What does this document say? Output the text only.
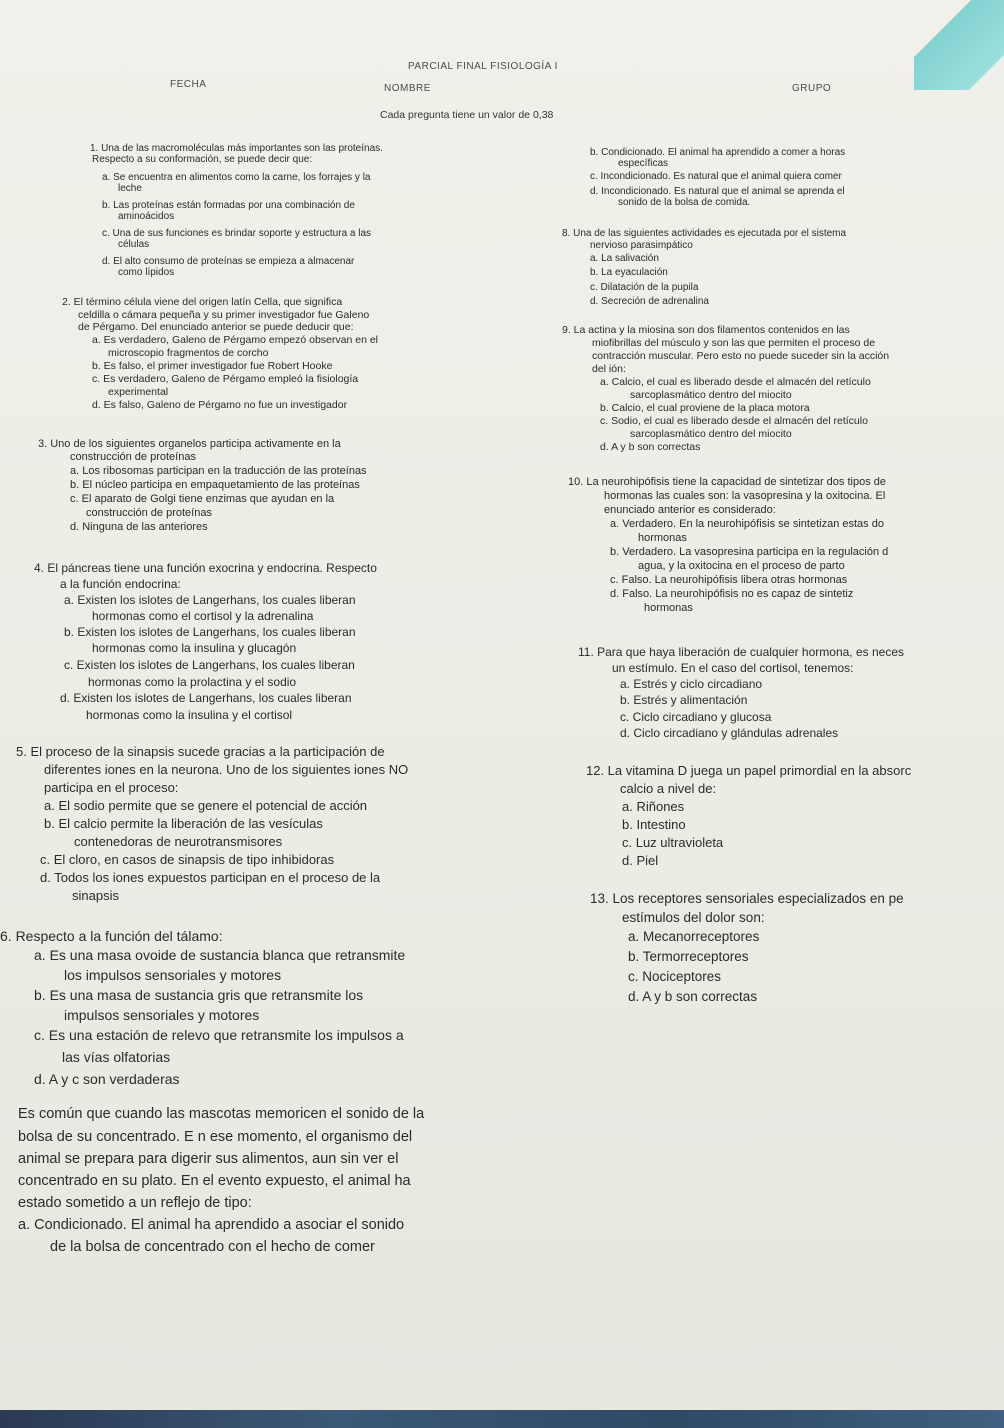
PARCIAL FINAL FISIOLOGÍA I
FECHA	NOMBRE	GRUPO
Cada pregunta tiene un valor de 0,38
1. Una de las macromoléculas más importantes son las proteínas.
Respecto a su conformación, se puede decir que:
a. Se encuentra en alimentos como la carne, los forrajes y la
leche
b. Las proteínas están formadas por una combinación de
aminoácidos
c. Una de sus funciones es brindar soporte y estructura a las
células
d. El alto consumo de proteínas se empieza a almacenar
como lípidos
2. El término célula viene del origen latín Cella, que significa
celdilla o cámara pequeña y su primer investigador fue Galeno
de Pérgamo. Del enunciado anterior se puede deducir que:
a. Es verdadero, Galeno de Pérgamo empezó observan en el
microscopio fragmentos de corcho
b. Es falso, el primer investigador fue Robert Hooke
c. Es verdadero, Galeno de Pérgamo empleó la fisiología
experimental
d. Es falso, Galeno de Pérgamo no fue un investigador
3. Uno de los siguientes organelos participa activamente en la
construcción de proteínas
a. Los ribosomas participan en la traducción de las proteínas
b. El núcleo participa en empaquetamiento de las proteínas
c. El aparato de Golgi tiene enzimas que ayudan en la
construcción de proteínas
d. Ninguna de las anteriores
4. El páncreas tiene una función exocrina y endocrina. Respecto
a la función endocrina:
a. Existen los islotes de Langerhans, los cuales liberan
hormonas como el cortisol y la adrenalina
b. Existen los islotes de Langerhans, los cuales liberan
hormonas como la insulina y glucagón
c. Existen los islotes de Langerhans, los cuales liberan
hormonas como la prolactina y el sodio
d. Existen los islotes de Langerhans, los cuales liberan
hormonas como la insulina y el cortisol
5. El proceso de la sinapsis sucede gracias a la participación de
diferentes iones en la neurona. Uno de los siguientes iones NO
participa en el proceso:
a. El sodio permite que se genere el potencial de acción
b. El calcio permite la liberación de las vesículas
contenedoras de neurotransmisores
c. El cloro, en casos de sinapsis de tipo inhibidoras
d. Todos los iones expuestos participan en el proceso de la
sinapsis
6. Respecto a la función del tálamo:
a. Es una masa ovoide de sustancia blanca que retransmite
los impulsos sensoriales y motores
b. Es una masa de sustancia gris que retransmite los
impulsos sensoriales y motores
c. Es una estación de relevo que retransmite los impulsos a
las vías olfatorias
d. A y c son verdaderas
Es común que cuando las mascotas memoricen el sonido de la
bolsa de su concentrado. E n ese momento, el organismo del
animal se prepara para digerir sus alimentos, aun sin ver el
concentrado en su plato. En el evento expuesto, el animal ha
estado sometido a un reflejo de tipo:
a. Condicionado. El animal ha aprendido a asociar el sonido
de la bolsa de concentrado con el hecho de comer
b. Condicionado. El animal ha aprendido a comer a horas
específicas
c. Incondicionado. Es natural que el animal quiera comer
d. Incondicionado. Es natural que el animal se aprenda el
sonido de la bolsa de comida.
8. Una de las siguientes actividades es ejecutada por el sistema
nervioso parasimpático
a. La salivación
b. La eyaculación
c. Dilatación de la pupila
d. Secreción de adrenalina
9. La actina y la miosina son dos filamentos contenidos en las
miofibrillas del músculo y son las que permiten el proceso de
contracción muscular. Pero esto no puede suceder sin la acción
del ión:
a. Calcio, el cual es liberado desde el almacén del retículo
sarcoplasmático dentro del miocito
b. Calcio, el cual proviene de la placa motora
c. Sodio, el cual es liberado desde el almacén del retículo
sarcoplasmático dentro del miocito
d. A y b son correctas
10. La neurohipófisis tiene la capacidad de sintetizar dos tipos de
hormonas las cuales son: la vasopresina y la oxitocina. El
enunciado anterior es considerado:
a. Verdadero. En la neurohipófisis se sintetizan estas do
hormonas
b. Verdadero. La vasopresina participa en la regulación d
agua, y la oxitocina en el proceso de parto
c. Falso. La neurohipófisis libera otras hormonas
d. Falso. La neurohipófisis no es capaz de sintetiz
hormonas
11. Para que haya liberación de cualquier hormona, es neces
un estímulo. En el caso del cortisol, tenemos:
a. Estrés y ciclo circadiano
b. Estrés y alimentación
c. Ciclo circadiano y glucosa
d. Ciclo circadiano y glándulas adrenales
12. La vitamina D juega un papel primordial en la absorc
calcio a nivel de:
a. Riñones
b. Intestino
c. Luz ultravioleta
d. Piel
13. Los receptores sensoriales especializados en pe
estímulos del dolor son:
a. Mecanorreceptores
b. Termorreceptores
c. Nociceptores
d. A y b son correctas
